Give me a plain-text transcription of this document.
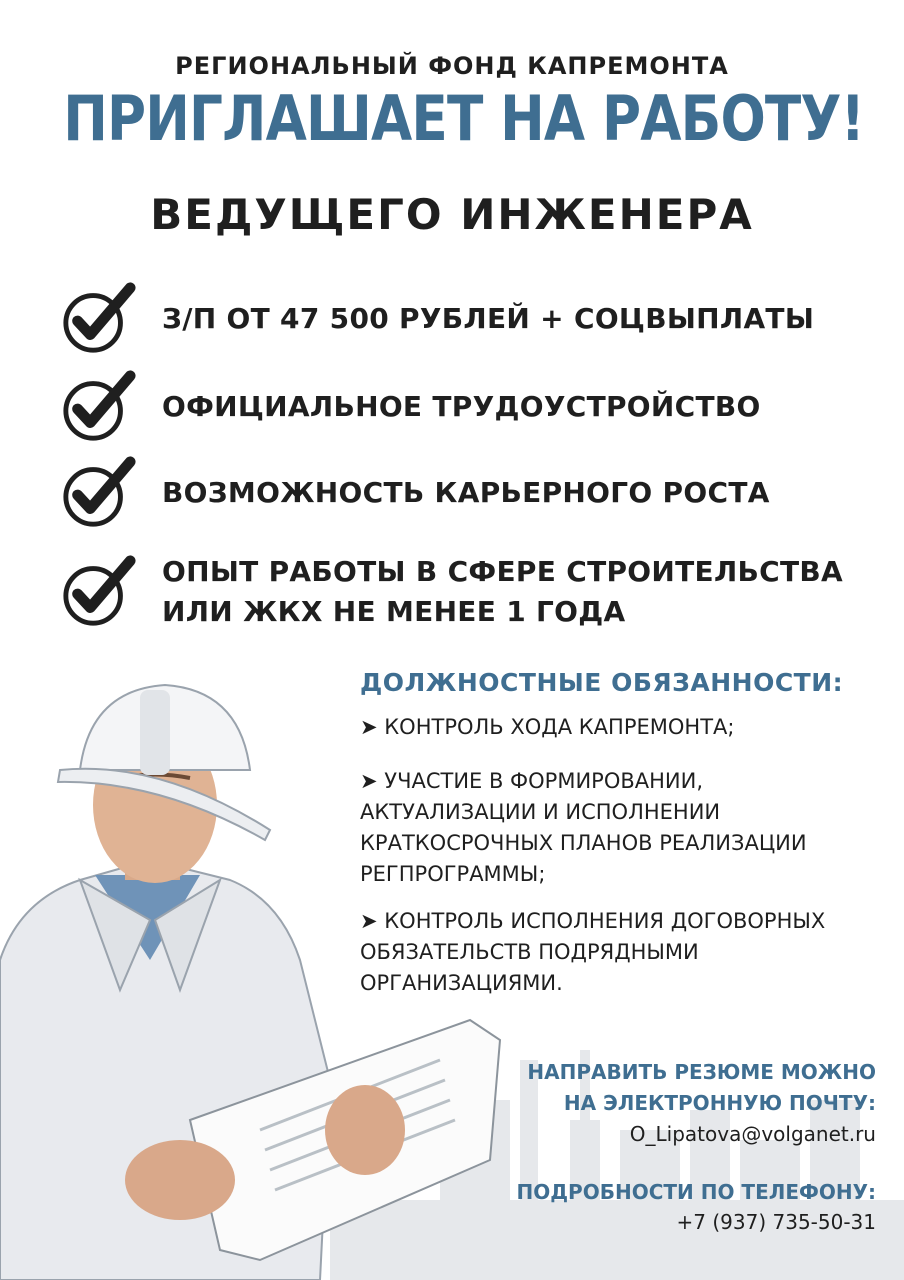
РЕГИОНАЛЬНЫЙ ФОНД КАПРЕМОНТА
ПРИГЛАШАЕТ НА РАБОТУ!
ВЕДУЩЕГО ИНЖЕНЕРА
З/П ОТ 47 500 РУБЛЕЙ + СОЦВЫПЛАТЫ
ОФИЦИАЛЬНОЕ ТРУДОУСТРОЙСТВО
ВОЗМОЖНОСТЬ КАРЬЕРНОГО РОСТА
ОПЫТ РАБОТЫ В СФЕРЕ СТРОИТЕЛЬСТВА
ИЛИ ЖКХ НЕ МЕНЕЕ 1 ГОДА
ДОЛЖНОСТНЫЕ ОБЯЗАННОСТИ:
➤ КОНТРОЛЬ ХОДА КАПРЕМОНТА;
➤ УЧАСТИЕ В ФОРМИРОВАНИИ,
АКТУАЛИЗАЦИИ И ИСПОЛНЕНИИ
КРАТКОСРОЧНЫХ ПЛАНОВ РЕАЛИЗАЦИИ
РЕГПРОГРАММЫ;
➤ КОНТРОЛЬ ИСПОЛНЕНИЯ ДОГОВОРНЫХ
ОБЯЗАТЕЛЬСТВ ПОДРЯДНЫМИ
ОРГАНИЗАЦИЯМИ.
НАПРАВИТЬ РЕЗЮМЕ МОЖНО
НА ЭЛЕКТРОННУЮ ПОЧТУ:
O_Lipatova@volganet.ru
ПОДРОБНОСТИ ПО ТЕЛЕФОНУ:
+7 (937) 735-50-31
